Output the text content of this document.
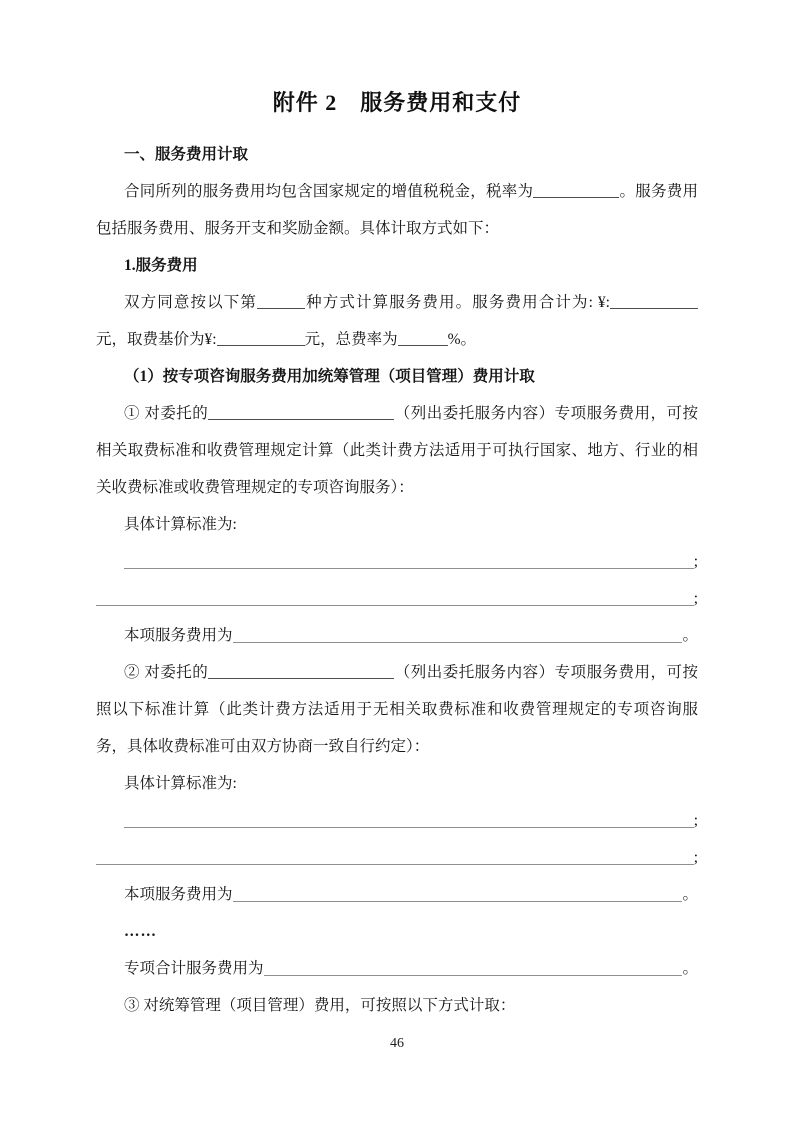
附件 2　服务费用和支付

一、服务费用计取

合同所列的服务费用均包含国家规定的增值税税金，税率为	。服务费用包括服务费用、服务开支和奖励金额。具体计取方式如下：

1.服务费用

双方同意按以下第	种方式计算服务费用。服务费用合计为: ¥:元，取费基价为¥:	元，总费率为	%。

（1）按专项咨询服务费用加统筹管理（项目管理）费用计取

① 对委托的	（列出委托服务内容）专项服务费用，可按相关取费标准和收费管理规定计算（此类计费方法适用于可执行国家、地方、行业的相关收费标准或收费管理规定的专项咨询服务）：

具体计算标准为:

;
;
本项服务费用为	。

② 对委托的	（列出委托服务内容）专项服务费用，可按照以下标准计算（此类计费方法适用于无相关取费标准和收费管理规定的专项咨询服务，具体收费标准可由双方协商一致自行约定）：

具体计算标准为:

;
;
本项服务费用为	。

……

专项合计服务费用为	。

③ 对统筹管理（项目管理）费用，可按照以下方式计取：

46
